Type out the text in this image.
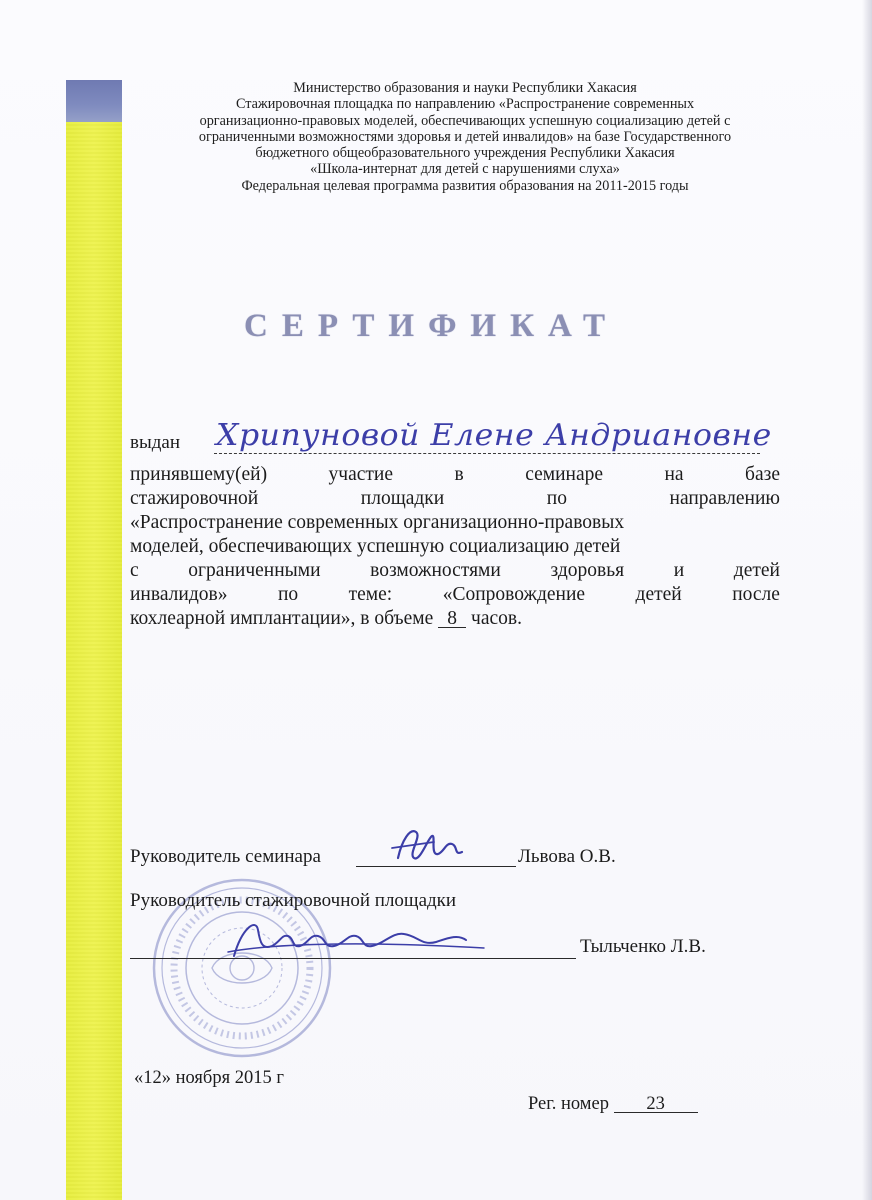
Министерство образования и науки Республики Хакасия
Стажировочная площадка по направлению «Распространение современных
организационно-правовых моделей, обеспечивающих успешную социализацию детей с
ограниченными возможностями здоровья и детей инвалидов» на базе Государственного
бюджетного общеобразовательного учреждения Республики Хакасия
«Школа-интернат для детей с нарушениями слуха»
Федеральная целевая программа развития образования на 2011-2015 годы
СЕРТИФИКАТ
выдан Хрипуновой Елене Андриановне
принявшему(ей)	участие	в	семинаре	на	базе
стажировочной	площадки	по	направлению
«Распространение современных организационно-правовых
моделей, обеспечивающих успешную социализацию детей
с	ограниченными	возможностями	здоровья	и	детей
инвалидов»	по	теме:	«Сопровождение	детей	после
кохлеарной имплантации», в объеме 8 часов.
Руководитель семинара	Львова О.В.
Руководитель стажировочной площадки
Тыльченко Л.В.
«12» ноября 2015 г
Рег. номер 23
